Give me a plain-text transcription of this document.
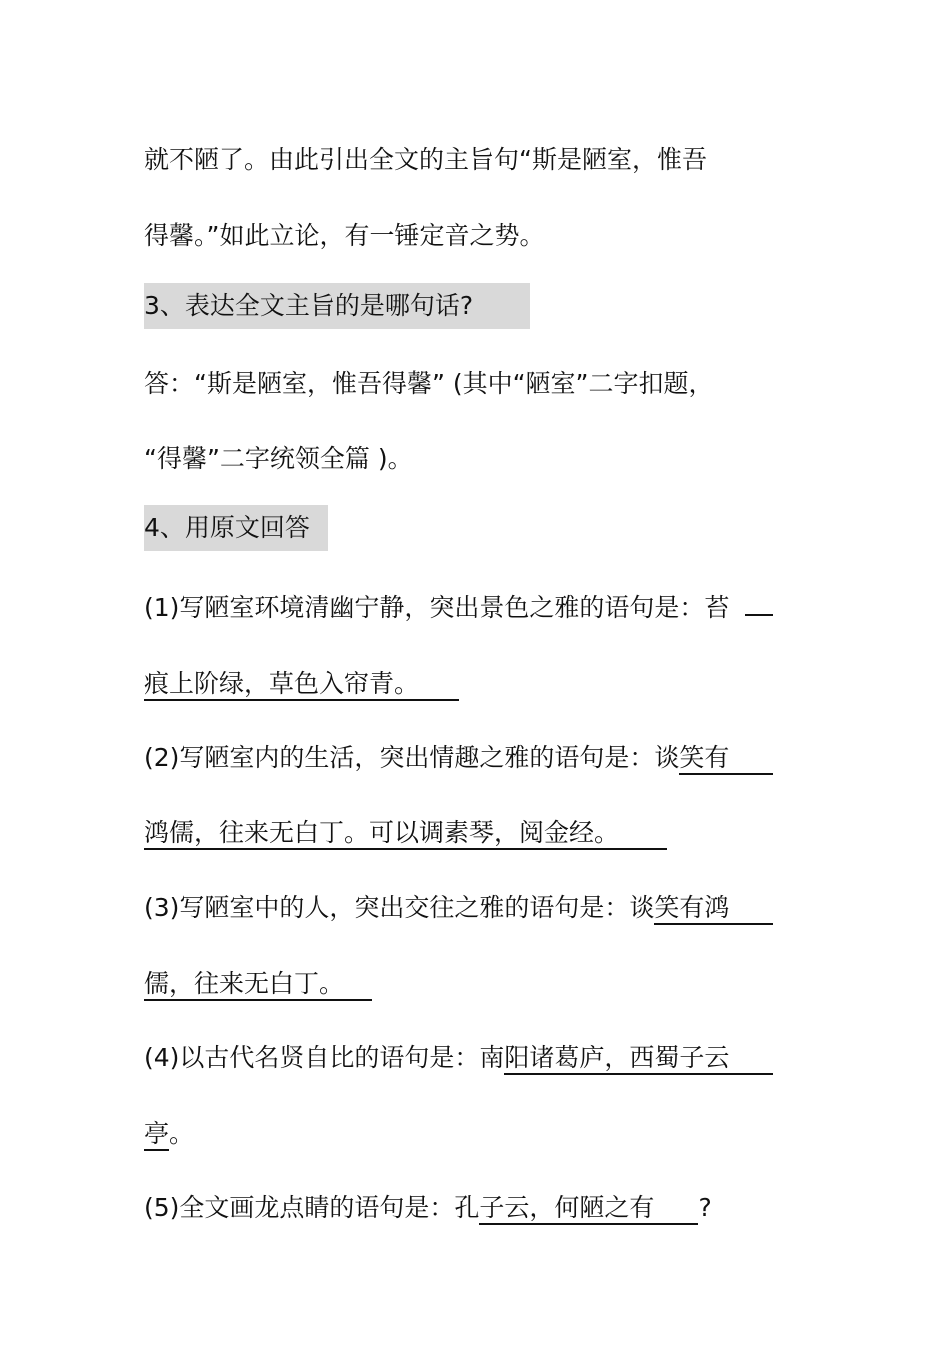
就不陋了。由此引出全文的主旨句“斯是陋室，惟吾
得馨。”如此立论，有一锤定音之势。
3、表达全文主旨的是哪句话?
答：“斯是陋室，惟吾得馨” (其中“陋室”二字扣题，
“得馨”二字统领全篇 )。
4、用原文回答
(1)写陋室环境清幽宁静，突出景色之雅的语句是：苔
痕上阶绿，草色入帘青。
(2)写陋室内的生活，突出情趣之雅的语句是：谈笑有
鸿儒，往来无白丁。可以调素琴，阅金经。
(3)写陋室中的人，突出交往之雅的语句是：谈笑有鸿
儒，往来无白丁。
(4)以古代名贤自比的语句是：南阳诸葛庐，西蜀子云
亭。
(5)全文画龙点睛的语句是：孔子云，何陋之有 ?
